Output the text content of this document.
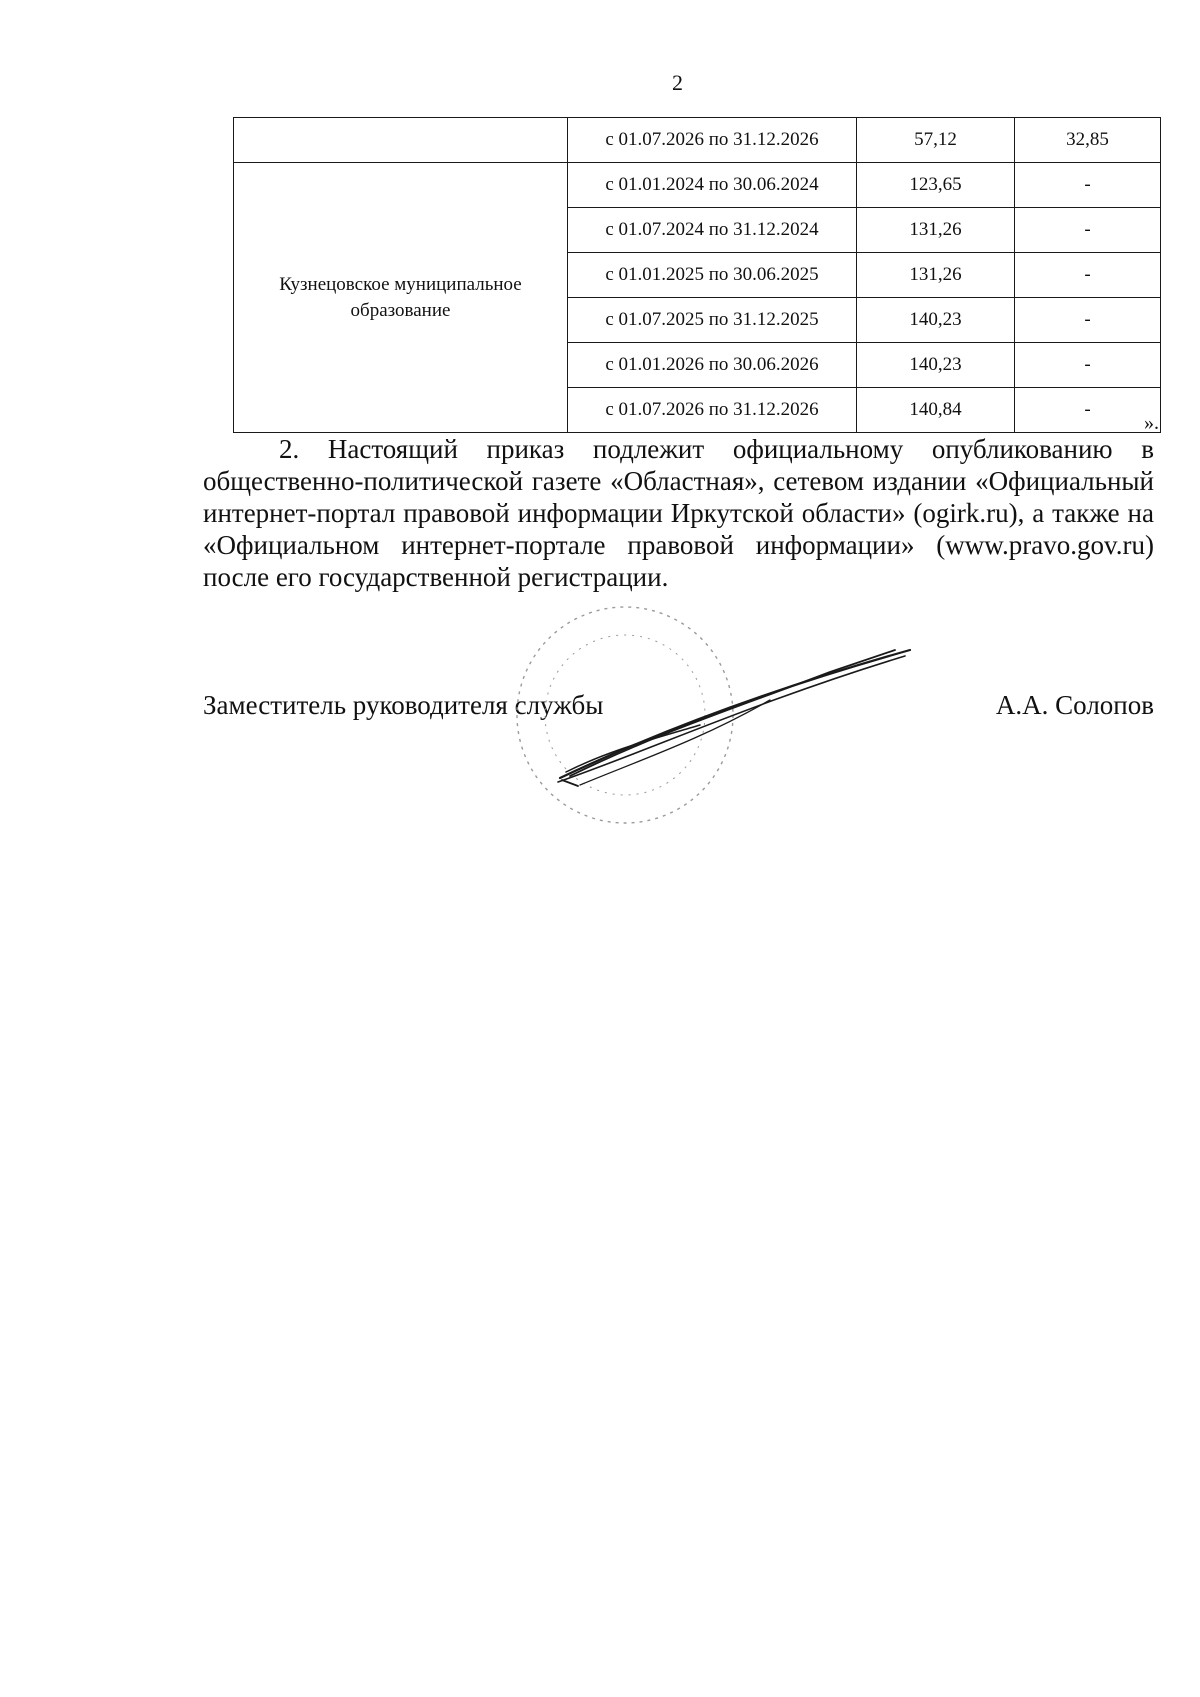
2
	с 01.07.2026 по 31.12.2026	57,12	32,85
Кузнецовское муниципальное образование	с 01.01.2024 по 30.06.2024	123,65	-
	с 01.07.2024 по 31.12.2024	131,26	-
	с 01.01.2025 по 30.06.2025	131,26	-
	с 01.07.2025 по 31.12.2025	140,23	-
	с 01.01.2026 по 30.06.2026	140,23	-
	с 01.07.2026 по 31.12.2026	140,84	-
».

2. Настоящий приказ подлежит официальному опубликованию в общественно-политической газете «Областная», сетевом издании «Официальный интернет-портал правовой информации Иркутской области» (ogirk.ru), а также на «Официальном интернет-портале правовой информации» (www.pravo.gov.ru) после его государственной регистрации.

Заместитель руководителя службы	А.А. Солопов
